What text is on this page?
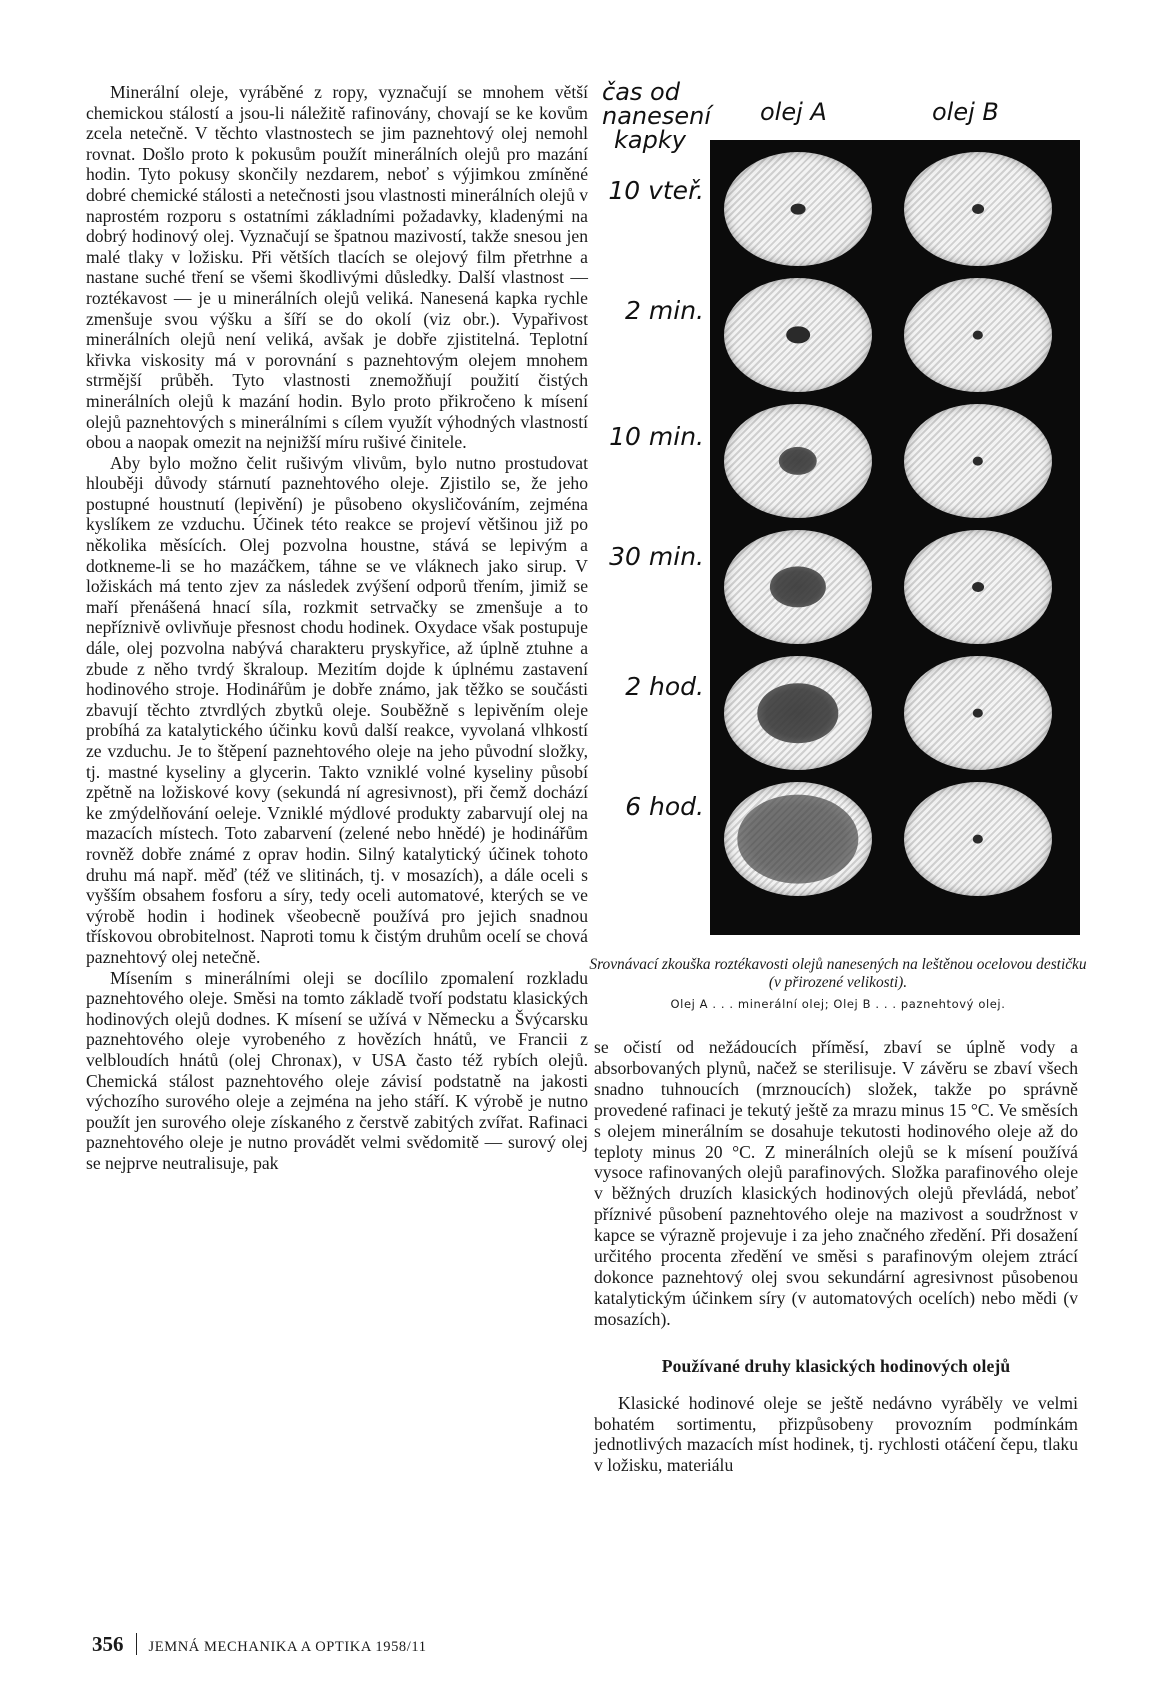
Minerální oleje, vyráběné z ropy, vyznačují se mnohem větší chemickou stálostí a jsou-li náležitě rafinovány, chovají se ke kovům zcela netečně. V těchto vlastnostech se jim paznehtový olej nemohl rovnat. Došlo proto k pokusům použít minerálních olejů pro mazání hodin. Tyto pokusy skončily nezdarem, neboť s výjimkou zmíněné dobré chemické stálosti a netečnosti jsou vlastnosti minerálních olejů v naprostém rozporu s ostatními základními požadavky, kladenými na dobrý hodinový olej. Vyznačují se špatnou mazivostí, takže snesou jen malé tlaky v ložisku. Při větších tlacích se olejový film přetrhne a nastane suché tření se všemi škodlivými důsledky. Další vlastnost — roztékavost — je u minerálních olejů veliká. Nanesená kapka rychle zmenšuje svou výšku a šíří se do okolí (viz obr.). Vypařivost minerálních olejů není veliká, avšak je dobře zjistitelná. Teplotní křivka viskosity má v porovnání s paznehtovým olejem mnohem strmější průběh. Tyto vlastnosti znemožňují použití čistých minerálních olejů k mazání hodin. Bylo proto přikročeno k mísení olejů paznehtových s minerálními s cílem využít výhodných vlastností obou a naopak omezit na nejnižší míru rušivé činitele.

Aby bylo možno čelit rušivým vlivům, bylo nutno prostudovat hlouběji důvody stárnutí paznehtového oleje. Zjistilo se, že jeho postupné houstnutí (lepivění) je působeno okysličováním, zejména kyslíkem ze vzduchu. Účinek této reakce se projeví většinou již po několika měsících. Olej pozvolna houstne, stává se lepivým a dotkneme-li se ho mazáčkem, táhne se ve vláknech jako sirup. V ložiskách má tento zjev za následek zvýšení odporů třením, jimiž se maří přenášená hnací síla, rozkmit setrvačky se zmenšuje a to nepříznivě ovlivňuje přesnost chodu hodinek. Oxydace však postupuje dále, olej pozvolna nabývá charakteru pryskyřice, až úplně ztuhne a zbude z něho tvrdý škraloup. Mezitím dojde k úplnému zastavení hodinového stroje. Hodinářům je dobře známo, jak těžko se součásti zbavují těchto ztvrdlých zbytků oleje. Souběžně s lepivěním oleje probíhá za katalytického účinku kovů další reakce, vyvolaná vlhkostí ze vzduchu. Je to štěpení paznehtového oleje na jeho původní složky, tj. mastné kyseliny a glycerin. Takto vzniklé volné kyseliny působí zpětně na ložiskové kovy (sekundá ní agresivnost), při čemž dochází ke zmýdelňování oeleje. Vzniklé mýdlové produkty zabarvují olej na mazacích místech. Toto zabarvení (zelené nebo hnědé) je hodinářům rovněž dobře známé z oprav hodin. Silný katalytický účinek tohoto druhu má např. měď (též ve slitinách, tj. v mosazích), a dále oceli s vyšším obsahem fosforu a síry, tedy oceli automatové, kterých se ve výrobě hodin i hodinek všeobecně používá pro jejich snadnou třískovou obrobitelnost. Naproti tomu k čistým druhům ocelí se chová paznehtový olej netečně.

Mísením s minerálními oleji se docílilo zpomalení rozkladu paznehtového oleje. Směsi na tomto základě tvoří podstatu klasických hodinových olejů dodnes. K mísení se užívá v Německu a Švýcarsku paznehtového oleje vyrobeného z hovězích hnátů, ve Francii z velbloudích hnátů (olej Chronax), v USA často též rybích olejů. Chemická stálost paznehtového oleje závisí podstatně na jakosti výchozího surového oleje a zejména na jeho stáří. K výrobě je nutno použít jen surového oleje získaného z čerstvě zabitých zvířat. Rafinaci paznehtového oleje je nutno provádět velmi svědomitě — surový olej se nejprve neutralisuje, pak

čas od
nanesení
kapky
olej A	olej B
10 vteř.
2 min.
10 min.
30 min.
2 hod.
6 hod.
Srovnávací zkouška roztékavosti olejů nanesených na leštěnou ocelovou destičku (v přirozené velikosti).
Olej A . . . minerální olej; Olej B . . . paznehtový olej.

se očistí od nežádoucích příměsí, zbaví se úplně vody a absorbovaných plynů, načež se sterilisuje. V závěru se zbaví všech snadno tuhnoucích (mrznoucích) složek, takže po správně provedené rafinaci je tekutý ještě za mrazu minus 15 °C. Ve směsích s olejem minerálním se dosahuje tekutosti hodinového oleje až do teploty minus 20 °C. Z minerálních olejů se k mísení používá vysoce rafinovaných olejů parafinových. Složka parafinového oleje v běžných druzích klasických hodinových olejů převládá, neboť příznivé působení paznehtového oleje na mazivost a soudržnost v kapce se výrazně projevuje i za jeho značného zředění. Při dosažení určitého procenta zředění ve směsi s parafinovým olejem ztrácí dokonce paznehtový olej svou sekundární agresivnost působenou katalytickým účinkem síry (v automatových ocelích) nebo mědi (v mosazích).

Používané druhy klasických hodinových olejů

Klasické hodinové oleje se ještě nedávno vyráběly ve velmi bohatém sortimentu, přizpůsobeny provozním podmínkám jednotlivých mazacích míst hodinek, tj. rychlosti otáčení čepu, tlaku v ložisku, materiálu

356 JEMNÁ MECHANIKA A OPTIKA 1958/11
